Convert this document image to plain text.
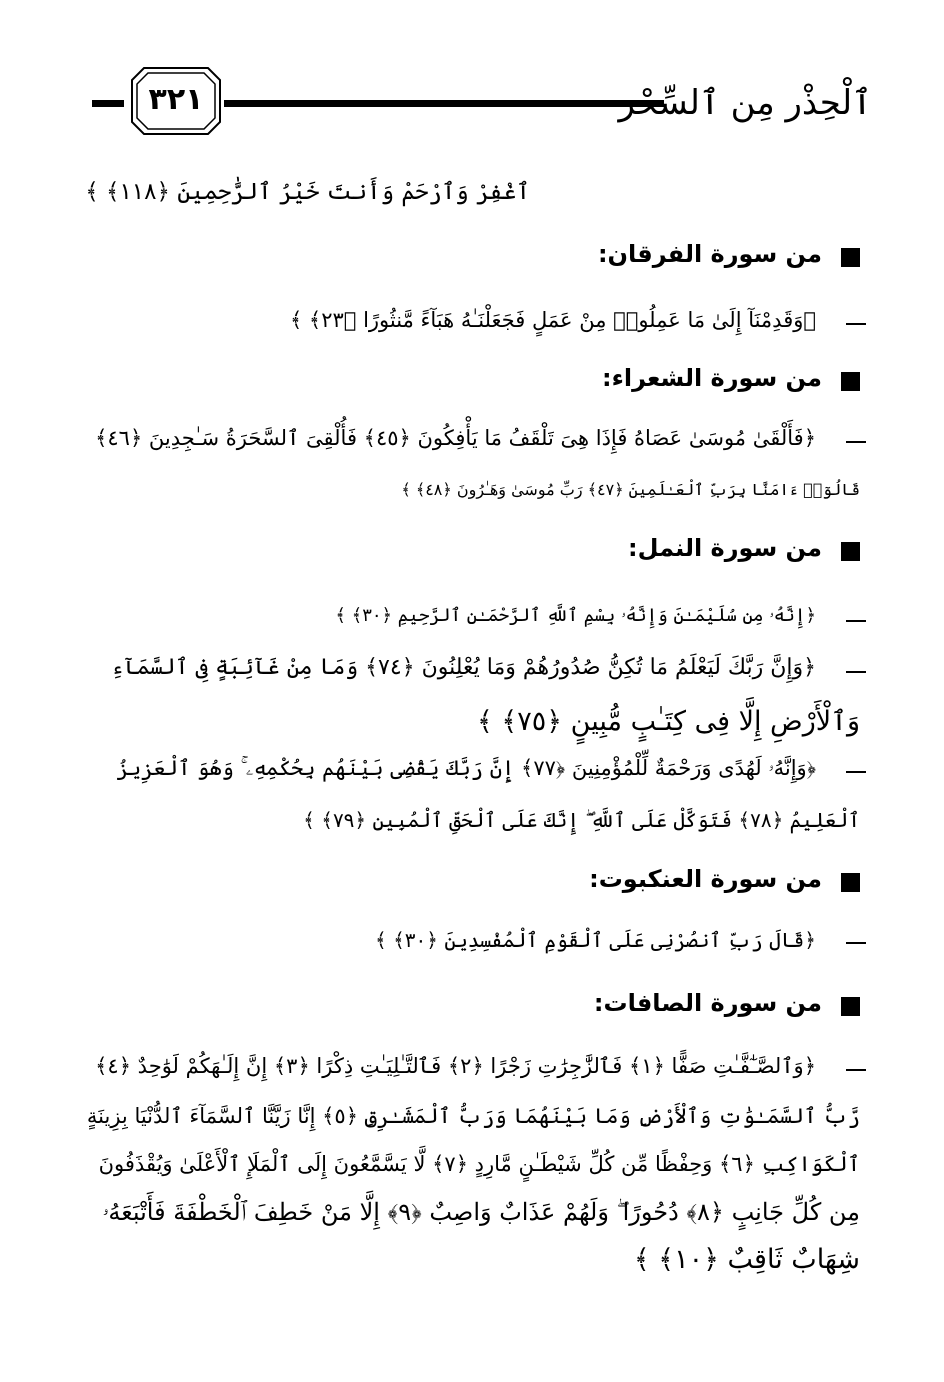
ٱلْحِذْر مِن ٱلسِّحْر
٣٢١
ٱغْفِرْ وَٱرْحَمْ وَأَنتَ خَيْرُ ٱلرَّٰحِمِينَ ﴿١١٨﴾ ﴾
من سورة الفرقان:
﴿وَقَدِمْنَآ إِلَىٰ مَا عَمِلُوا۟ مِنْ عَمَلٍ فَجَعَلْنَـٰهُ هَبَآءً مَّنثُورًا ﴿٢٣﴾ ﴾
من سورة الشعراء:
﴿فَأَلْقَىٰ مُوسَىٰ عَصَاهُ فَإِذَا هِىَ تَلْقَفُ مَا يَأْفِكُونَ ﴿٤٥﴾ فَأُلْقِىَ ٱلسَّحَرَةُ سَـٰجِدِينَ ﴿٤٦﴾
قَالُوٓا۟ ءَامَنَّا بِرَبِّ ٱلْعَـٰلَمِينَ ﴿٤٧﴾ رَبِّ مُوسَىٰ وَهَـٰرُونَ ﴿٤٨﴾ ﴾
من سورة النمل:
﴿إِنَّهُۥ مِن سُلَيْمَـٰنَ وَإِنَّهُۥ بِسْمِ ٱللَّهِ ٱلرَّحْمَـٰنِ ٱلرَّحِيمِ ﴿٣٠﴾ ﴾
﴿وَإِنَّ رَبَّكَ لَيَعْلَمُ مَا تُكِنُّ صُدُورُهُمْ وَمَا يُعْلِنُونَ ﴿٧٤﴾ وَمَا مِنْ غَآئِبَةٍ فِى ٱلسَّمَآءِ
وَٱلْأَرْضِ إِلَّا فِى كِتَـٰبٍ مُّبِينٍ ﴿٧٥﴾ ﴾
﴿وَإِنَّهُۥ لَهُدًى وَرَحْمَةٌ لِّلْمُؤْمِنِينَ ﴿٧٧﴾ إِنَّ رَبَّكَ يَقْضِى بَيْنَهُم بِحُكْمِهِۦ ۚ وَهُوَ ٱلْعَزِيزُ
ٱلْعَلِيمُ ﴿٧٨﴾ فَتَوَكَّلْ عَلَى ٱللَّهِ ۖ إِنَّكَ عَلَى ٱلْحَقِّ ٱلْمُبِينِ ﴿٧٩﴾ ﴾
من سورة العنكبوت:
﴿قَالَ رَبِّ ٱنصُرْنِى عَلَى ٱلْقَوْمِ ٱلْمُفْسِدِينَ ﴿٣٠﴾ ﴾
من سورة الصافات:
﴿وَٱلصَّـٰٓفَّـٰتِ صَفًّا ﴿١﴾ فَٱلزَّٰجِرَٰتِ زَجْرًا ﴿٢﴾ فَٱلتَّـٰلِيَـٰتِ ذِكْرًا ﴿٣﴾ إِنَّ إِلَـٰهَكُمْ لَوَٰحِدٌ ﴿٤﴾
رَّبُّ ٱلسَّمَـٰوَٰتِ وَٱلْأَرْضِ وَمَا بَيْنَهُمَا وَرَبُّ ٱلْمَشَـٰرِقِ ﴿٥﴾ إِنَّا زَيَّنَّا ٱلسَّمَآءَ ٱلدُّنْيَا بِزِينَةٍ
ٱلْكَوَاكِبِ ﴿٦﴾ وَحِفْظًا مِّن كُلِّ شَيْطَـٰنٍ مَّارِدٍ ﴿٧﴾ لَّا يَسَّمَّعُونَ إِلَى ٱلْمَلَإِ ٱلْأَعْلَىٰ وَيُقْذَفُونَ
مِن كُلِّ جَانِبٍ ﴿٨﴾ دُحُورًا ۖ وَلَهُمْ عَذَابٌ وَاصِبٌ ﴿٩﴾ إِلَّا مَنْ خَطِفَ ٱلْخَطْفَةَ فَأَتْبَعَهُۥ
شِهَابٌ ثَاقِبٌ ﴿١٠﴾ ﴾
